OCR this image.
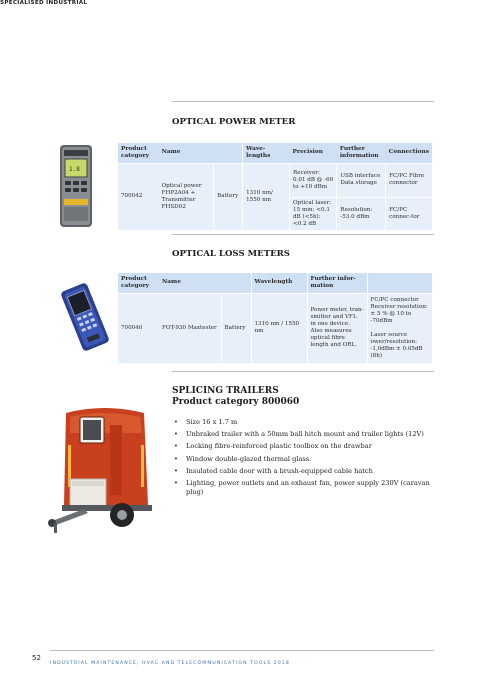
SPECIALISED INDUSTRIAL
OPTICAL POWER METER
1.8
Product category	Name		Wave-lengths	Precision	Further information	Connections
700042	Optical power FHP2A04 + Transmitter FHSD02	Battery	1310 nm/ 1550 nm	Receiver: 0.01 dB @ -60 to +10 dBm	USB interface Data storage	FC/PC Fibre connector
				Optical laser: 15 min: <0.1 dB (<5h): <0.2 dB	Resolution: -53.0 dBm	FC/PC connec-tor
OPTICAL LOSS METERS
Product category	Name		Wavelength	Further infor-mation	
700040	FOT-930 Maxtester	Battery	1310 nm / 1550 nm	Power meter, tran-smitter and VFL in one device. Also measures optical fibre length and ORL.	FC/PC connector Receiver resolution: ± 5 % @ 10 to -70dBm

Laser source ower/resolution: -1,0dBm ± 0.05dB (8h)
SPLICING TRAILERS
Product category 800060
• Size 16 x 1.7 m
• Unbraked trailer with a 50mm ball hitch mount and trailer lights (12V)
• Locking fibre-reinforced plastic toolbox on the drawbar
• Window double-glazed thermal glass.
• Insulated cable door with a brush-equipped cable hatch
• Lighting, power outlets and an exhaust fan, power supply 230V (caravan plug)
52
INDUSTRIAL MAINTENANCE, HVAC AND TELECOMMUNICATION TOOLS 2018
